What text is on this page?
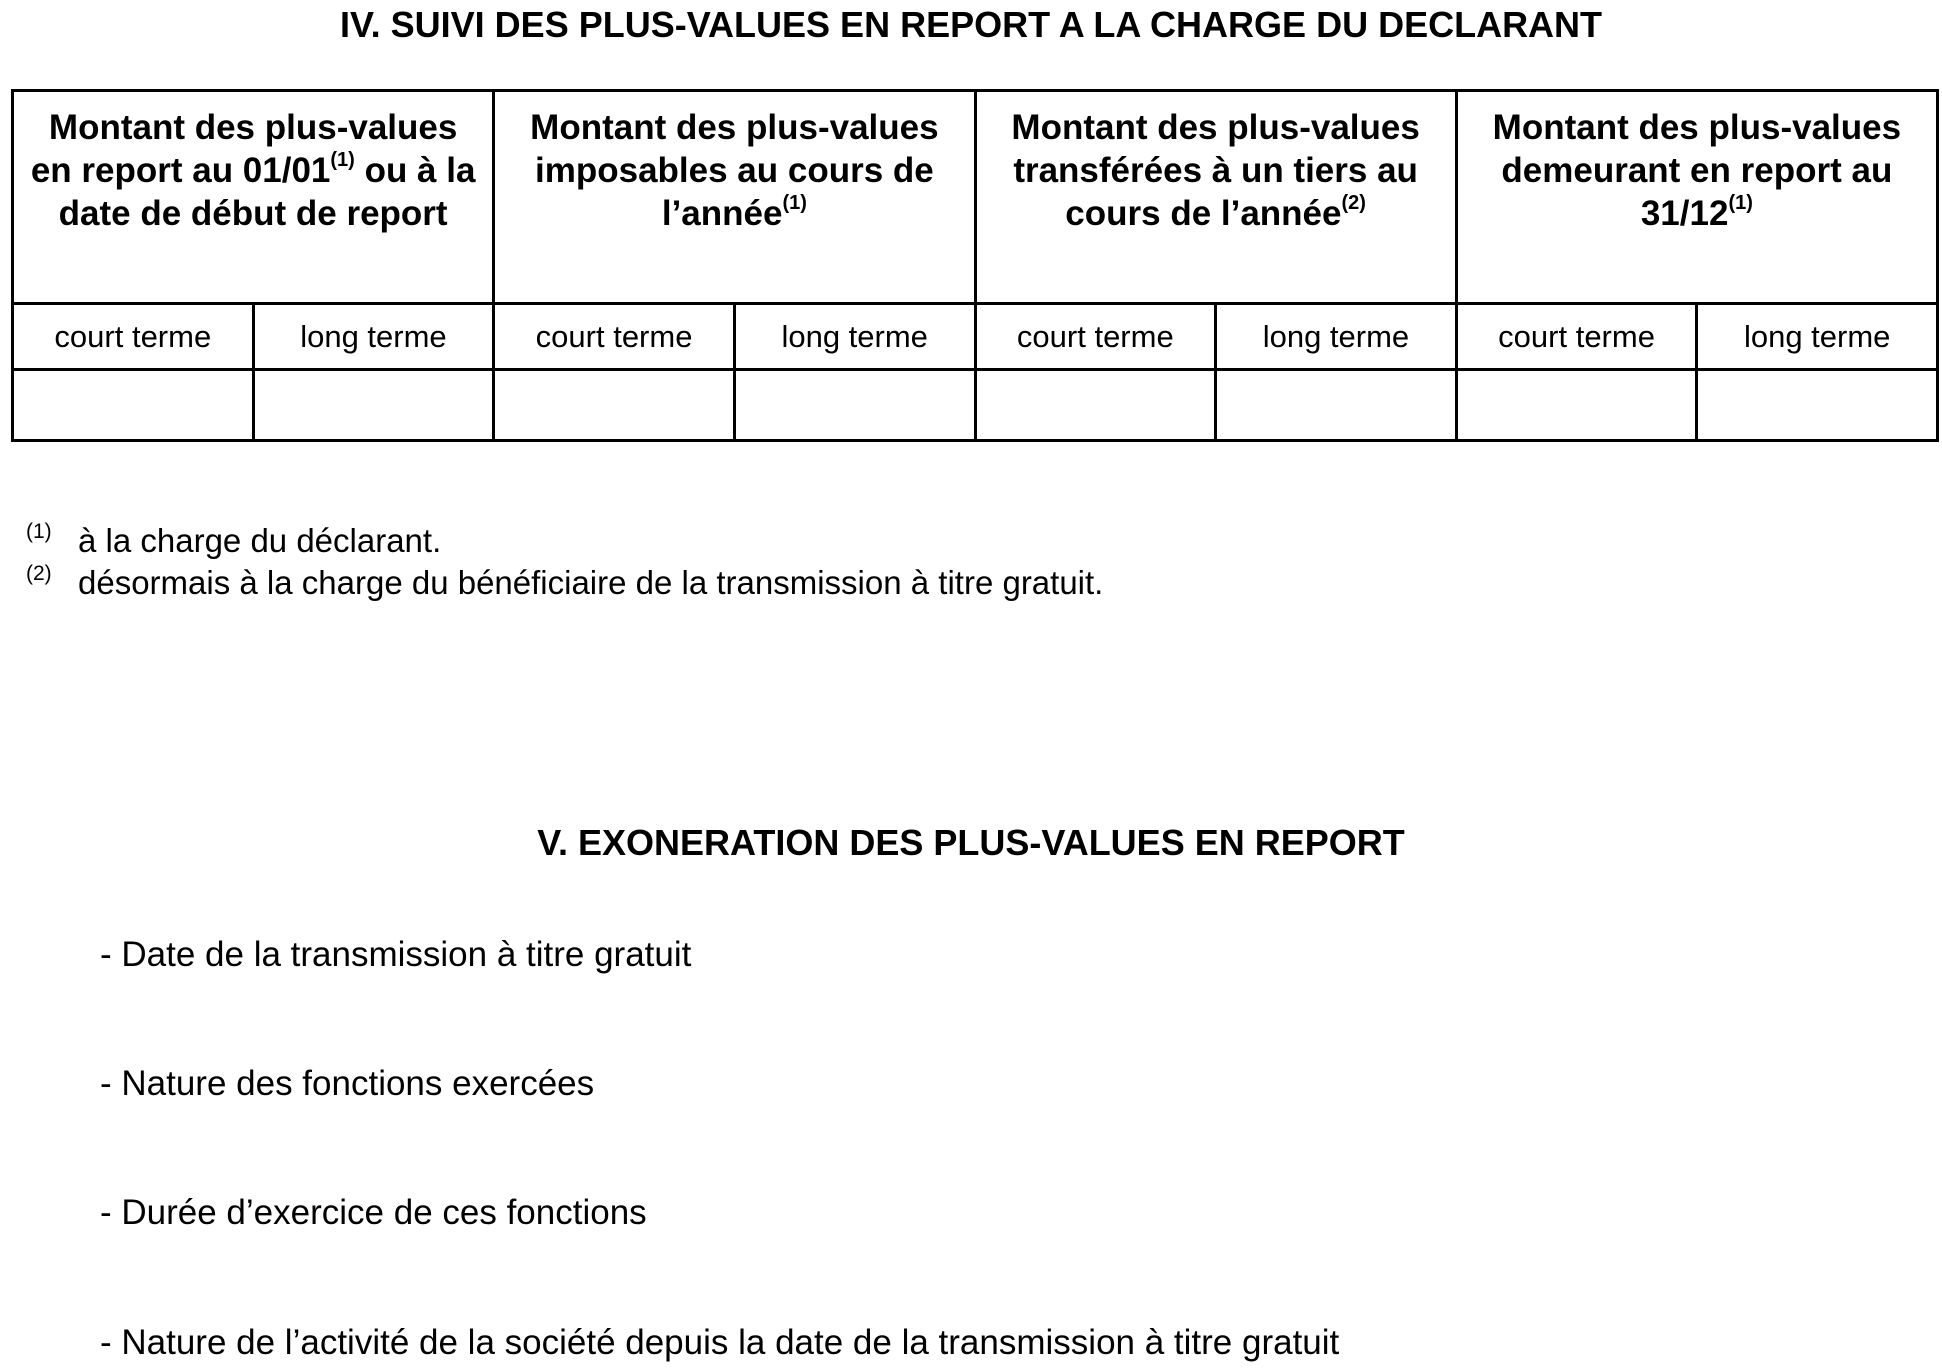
IV. SUIVI DES PLUS-VALUES EN REPORT A LA CHARGE DU DECLARANT
Montant des plus-values en report au 01/01$^{(1)}$ ou à la date de début de report		Montant des plus-values imposables au cours de l’année$^{(1)}$		Montant des plus-values transférées à un tiers au cours de l’année$^{(2)}$		Montant des plus-values demeurant en report au 31/12$^{(1)}$
court terme	long terme	court terme	long terme	court terme	long terme	court terme	long terme

(1) à la charge du déclarant.
(2) désormais à la charge du bénéficiaire de la transmission à titre gratuit.
V. EXONERATION DES PLUS-VALUES EN REPORT

- Date de la transmission à titre gratuit

- Nature des fonctions exercées

- Durée d’exercice de ces fonctions

- Nature de l’activité de la société depuis la date de la transmission à titre gratuit
